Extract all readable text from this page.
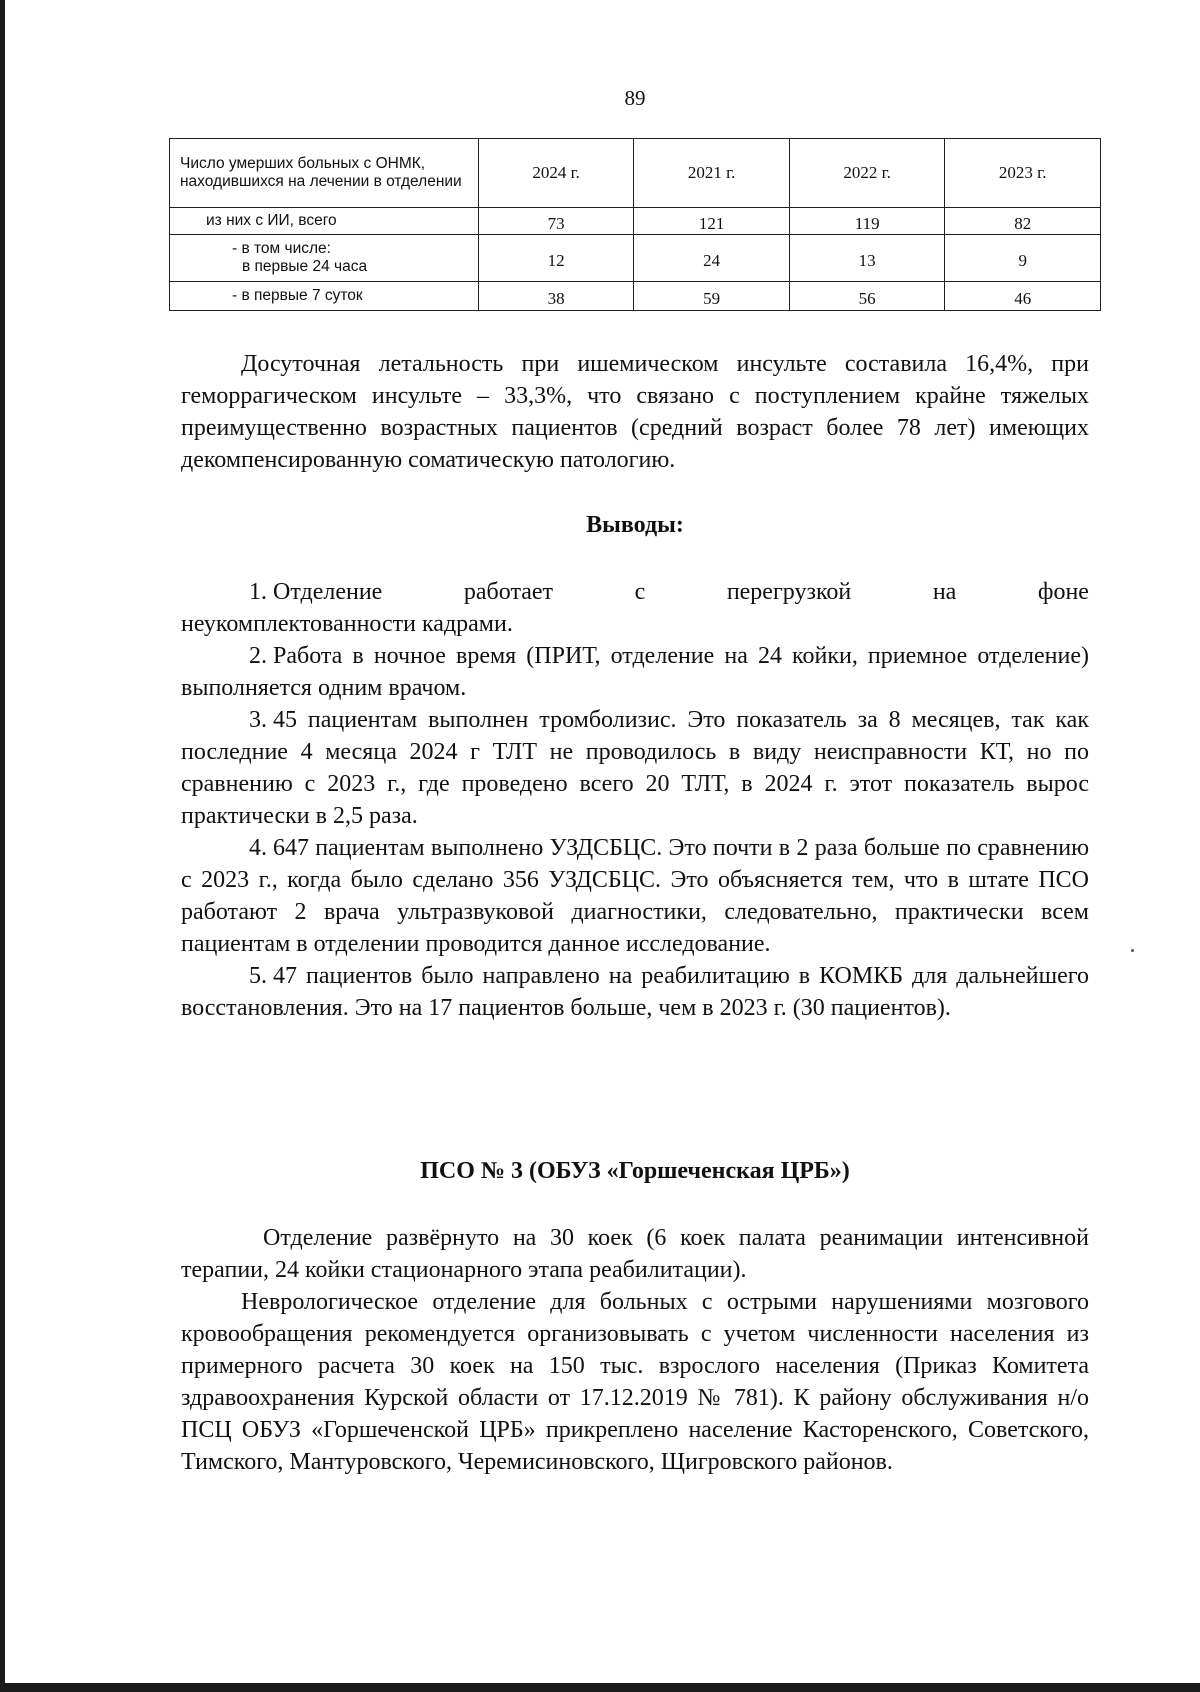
89
Число умерших больных с ОНМК, находившихся на лечении в отделении	2024 г.	2021 г.	2022 г.	2023 г.
из них с ИИ, всего	73	121	119	82
- в том числе:
в первые 24 часа	12	24	13	9
- в первые 7 суток	38	59	56	46
Досуточная летальность при ишемическом инсульте составила 16,4%, при геморрагическом инсульте – 33,3%, что связано с поступлением крайне тяжелых преимущественно возрастных пациентов (средний возраст более 78 лет) имеющих декомпенсированную соматическую патологию.
Выводы:
1. Отделение	работает	с	перегрузкой	на	фоне
неукомплектованности кадрами.
2. Работа в ночное время (ПРИТ, отделение на 24 койки, приемное отделение) выполняется одним врачом.
3. 45 пациентам выполнен тромболизис. Это показатель за 8 месяцев, так как последние 4 месяца 2024 г ТЛТ не проводилось в виду неисправности КТ, но по сравнению с 2023 г., где проведено всего 20 ТЛТ, в 2024 г. этот показатель вырос практически в 2,5 раза.
4. 647 пациентам выполнено УЗДСБЦС. Это почти в 2 раза больше по сравнению с 2023 г., когда было сделано 356 УЗДСБЦС. Это объясняется тем, что в штате ПСО работают 2 врача ультразвуковой диагностики, следовательно, практически всем пациентам в отделении проводится данное исследование.
5. 47 пациентов было направлено на реабилитацию в КОМКБ для дальнейшего восстановления. Это на 17 пациентов больше, чем в 2023 г. (30 пациентов).
ПСО № 3 (ОБУЗ «Горшеченская ЦРБ»)
Отделение развёрнуто на 30 коек (6 коек палата реанимации интенсивной терапии, 24 койки стационарного этапа реабилитации).
Неврологическое отделение для больных с острыми нарушениями мозгового кровообращения рекомендуется организовывать с учетом численности населения из примерного расчета 30 коек на 150 тыс. взрослого населения (Приказ Комитета здравоохранения Курской области от 17.12.2019 № 781). К району обслуживания н/о ПСЦ ОБУЗ «Горшеченской ЦРБ» прикреплено население Касторенского, Советского, Тимского, Мантуровского, Черемисиновского, Щигровского районов.
